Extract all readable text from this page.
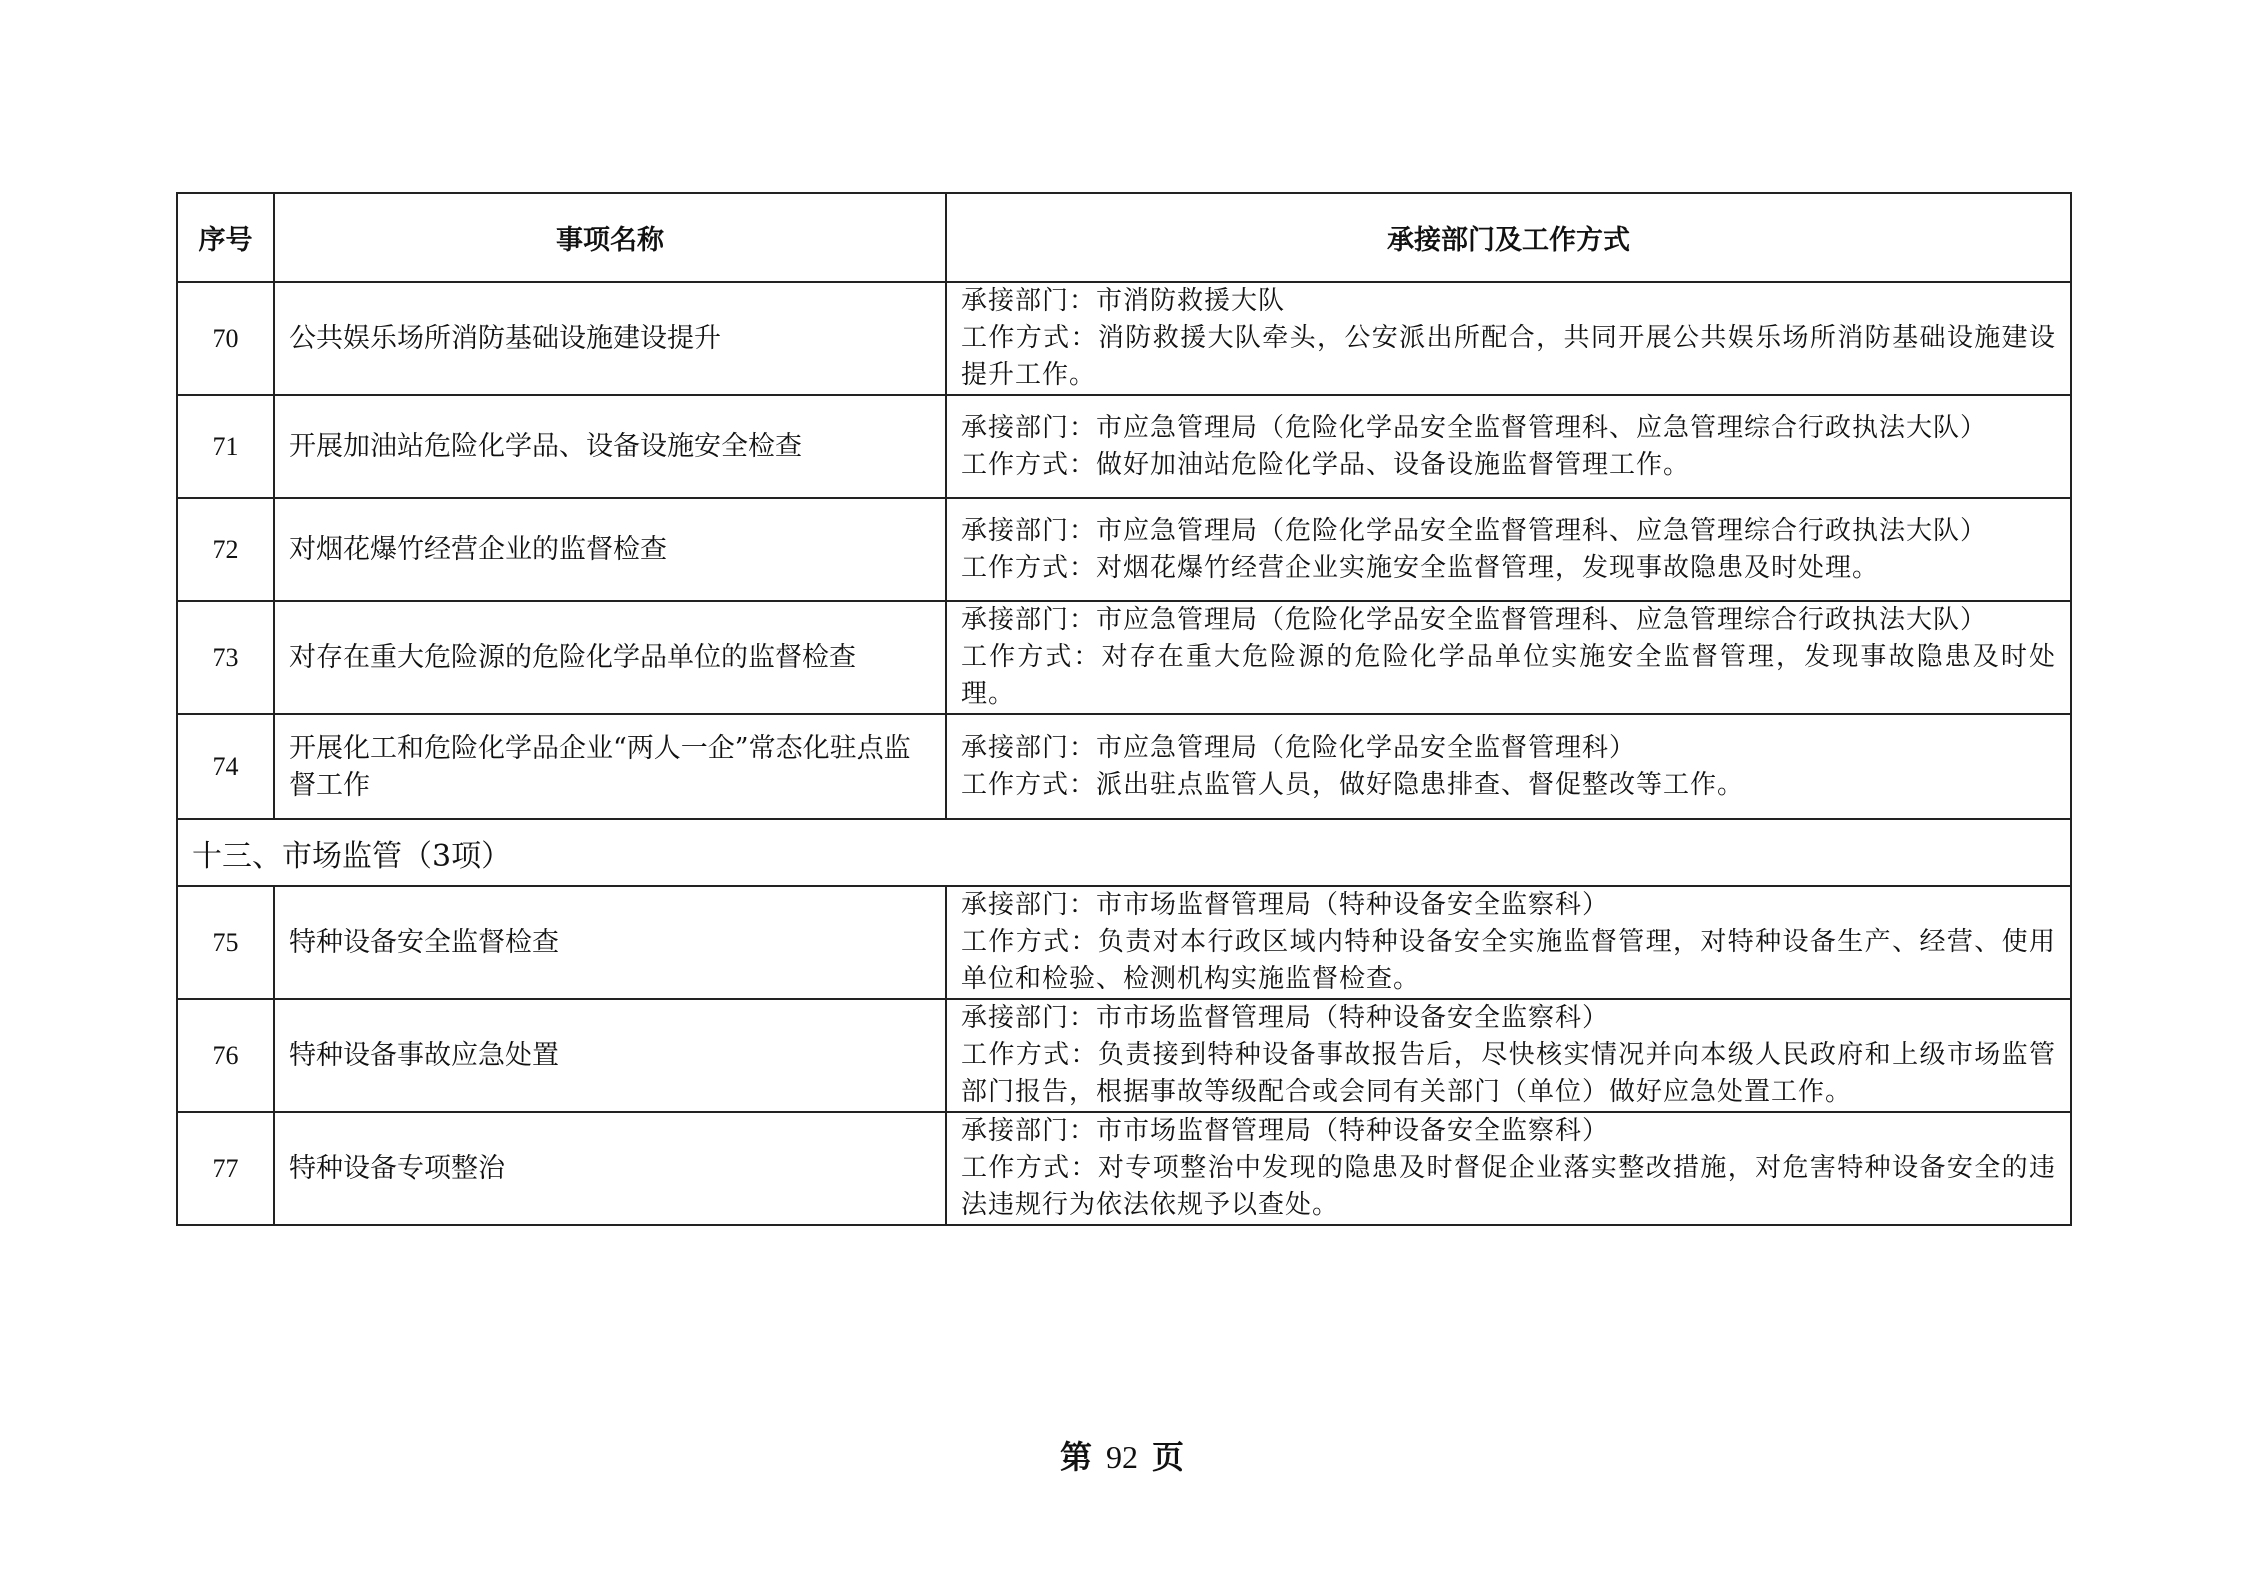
序号	事项名称	承接部门及工作方式
70	公共娱乐场所消防基础设施建设提升	承接部门：市消防救援大队
工作方式：消防救援大队牵头，公安派出所配合，共同开展公共娱乐场所消防基础设施建设提升工作。

71	开展加油站危险化学品、设备设施安全检查	承接部门：市应急管理局（危险化学品安全监督管理科、应急管理综合行政执法大队）
工作方式：做好加油站危险化学品、设备设施监督管理工作。

72	对烟花爆竹经营企业的监督检查	承接部门：市应急管理局（危险化学品安全监督管理科、应急管理综合行政执法大队）
工作方式：对烟花爆竹经营企业实施安全监督管理，发现事故隐患及时处理。

73	对存在重大危险源的危险化学品单位的监督检查	承接部门：市应急管理局（危险化学品安全监督管理科、应急管理综合行政执法大队）
工作方式：对存在重大危险源的危险化学品单位实施安全监督管理，发现事故隐患及时处理。

74	开展化工和危险化学品企业“两人一企”常态化驻点监督工作	承接部门：市应急管理局（危险化学品安全监督管理科）
工作方式：派出驻点监管人员，做好隐患排查、督促整改等工作。

十三、市场监管（3项）		
75	特种设备安全监督检查	承接部门：市市场监督管理局（特种设备安全监察科）
工作方式：负责对本行政区域内特种设备安全实施监督管理，对特种设备生产、经营、使用单位和检验、检测机构实施监督检查。

76	特种设备事故应急处置	承接部门：市市场监督管理局（特种设备安全监察科）
工作方式：负责接到特种设备事故报告后，尽快核实情况并向本级人民政府和上级市场监管部门报告，根据事故等级配合或会同有关部门（单位）做好应急处置工作。

77	特种设备专项整治	承接部门：市市场监督管理局（特种设备安全监察科）
工作方式：对专项整治中发现的隐患及时督促企业落实整改措施，对危害特种设备安全的违法违规行为依法依规予以查处。
第 92 页
